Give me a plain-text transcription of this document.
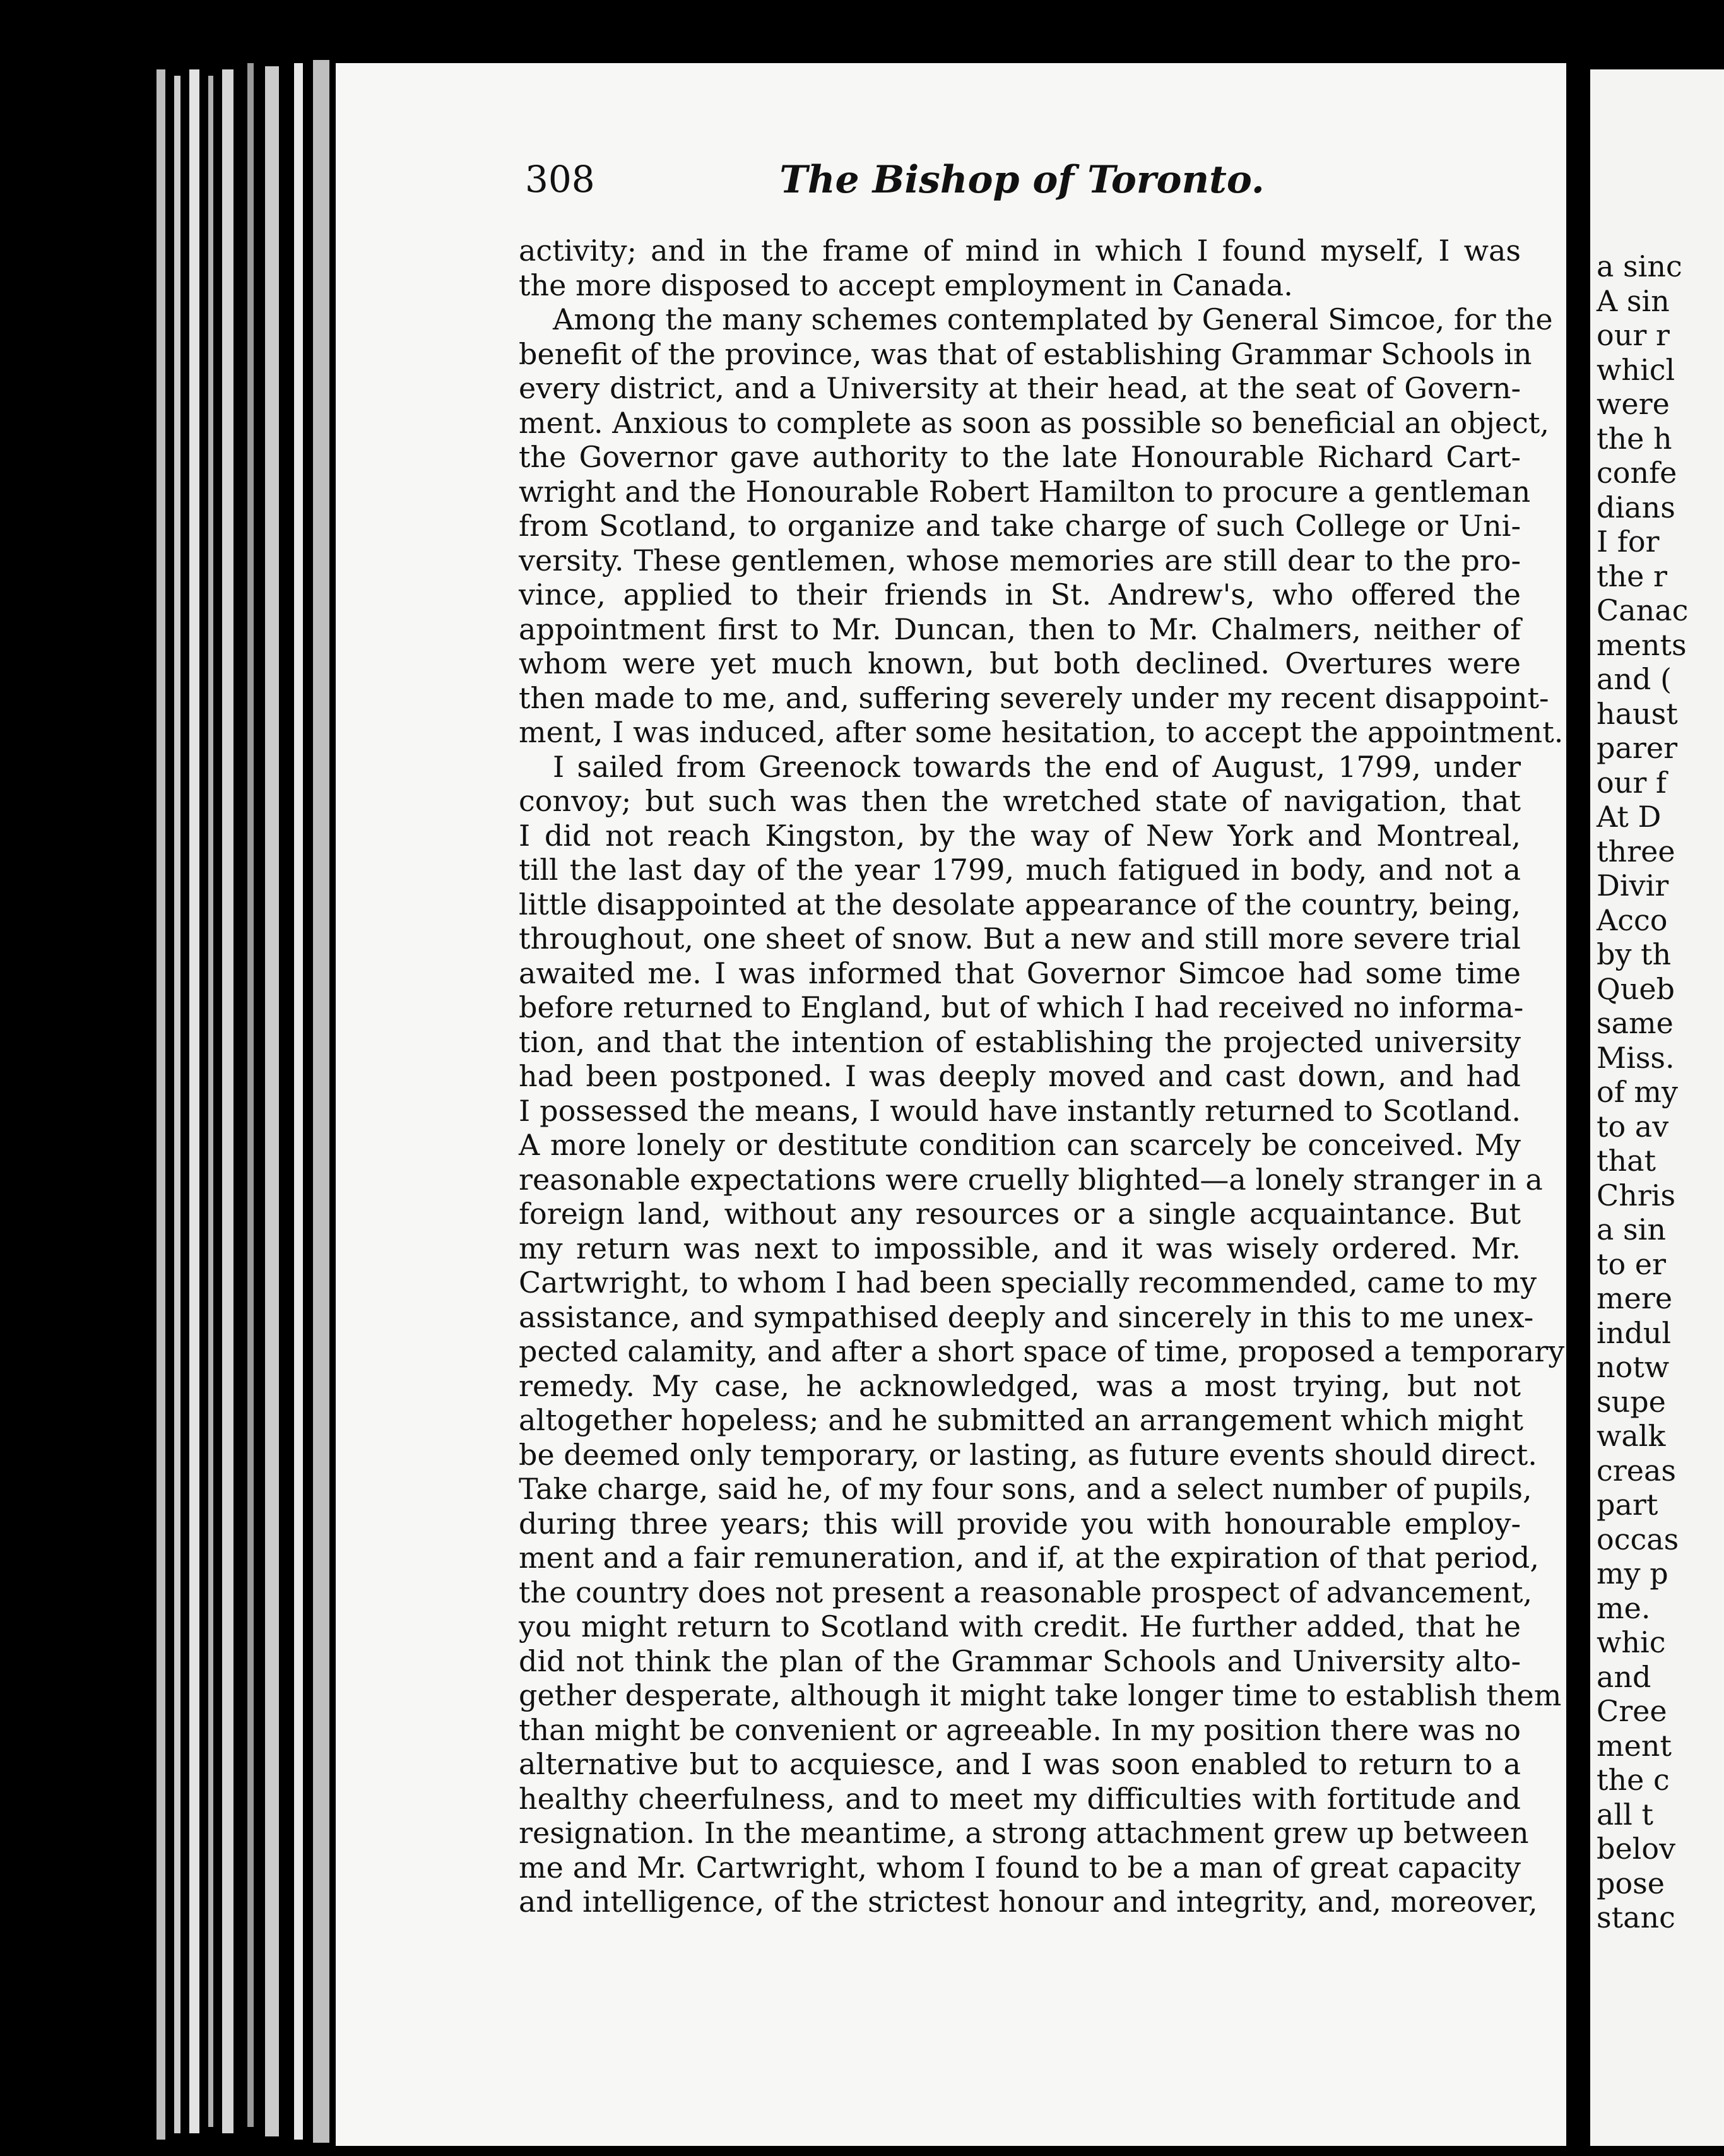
308	The Bishop of Toronto.
activity; and in the frame of mind in which I found myself, I was
the more disposed to accept employment in Canada.
Among the many schemes contemplated by General Simcoe, for the
benefit of the province, was that of establishing Grammar Schools in
every district, and a University at their head, at the seat of Govern-
ment. Anxious to complete as soon as possible so beneficial an object,
the Governor gave authority to the late Honourable Richard Cart-
wright and the Honourable Robert Hamilton to procure a gentleman
from Scotland, to organize and take charge of such College or Uni-
versity. These gentlemen, whose memories are still dear to the pro-
vince, applied to their friends in St. Andrew's, who offered the
appointment first to Mr. Duncan, then to Mr. Chalmers, neither of
whom were yet much known, but both declined. Overtures were
then made to me, and, suffering severely under my recent disappoint-
ment, I was induced, after some hesitation, to accept the appointment.
I sailed from Greenock towards the end of August, 1799, under
convoy; but such was then the wretched state of navigation, that
I did not reach Kingston, by the way of New York and Montreal,
till the last day of the year 1799, much fatigued in body, and not a
little disappointed at the desolate appearance of the country, being,
throughout, one sheet of snow. But a new and still more severe trial
awaited me. I was informed that Governor Simcoe had some time
before returned to England, but of which I had received no informa-
tion, and that the intention of establishing the projected university
had been postponed. I was deeply moved and cast down, and had
I possessed the means, I would have instantly returned to Scotland.
A more lonely or destitute condition can scarcely be conceived. My
reasonable expectations were cruelly blighted—a lonely stranger in a
foreign land, without any resources or a single acquaintance. But
my return was next to impossible, and it was wisely ordered. Mr.
Cartwright, to whom I had been specially recommended, came to my
assistance, and sympathised deeply and sincerely in this to me unex-
pected calamity, and after a short space of time, proposed a temporary
remedy. My case, he acknowledged, was a most trying, but not
altogether hopeless; and he submitted an arrangement which might
be deemed only temporary, or lasting, as future events should direct.
Take charge, said he, of my four sons, and a select number of pupils,
during three years; this will provide you with honourable employ-
ment and a fair remuneration, and if, at the expiration of that period,
the country does not present a reasonable prospect of advancement,
you might return to Scotland with credit. He further added, that he
did not think the plan of the Grammar Schools and University alto-
gether desperate, although it might take longer time to establish them
than might be convenient or agreeable. In my position there was no
alternative but to acquiesce, and I was soon enabled to return to a
healthy cheerfulness, and to meet my difficulties with fortitude and
resignation. In the meantime, a strong attachment grew up between
me and Mr. Cartwright, whom I found to be a man of great capacity
and intelligence, of the strictest honour and integrity, and, moreover,
a sinc
A sin
our r
whicl
were
the h
confe
dians
I for
the r
Canac
ments
and (
haust
parer
our f
At D
three
Divir
Acco
by th
Queb
same
Miss.
of my
to av
that
Chris
a sin
to er
mere
indul
notw
supe
walk
creas
part
occas
my p
me.
whic
and
Cree
ment
the c
all t
belov
pose
stanc
